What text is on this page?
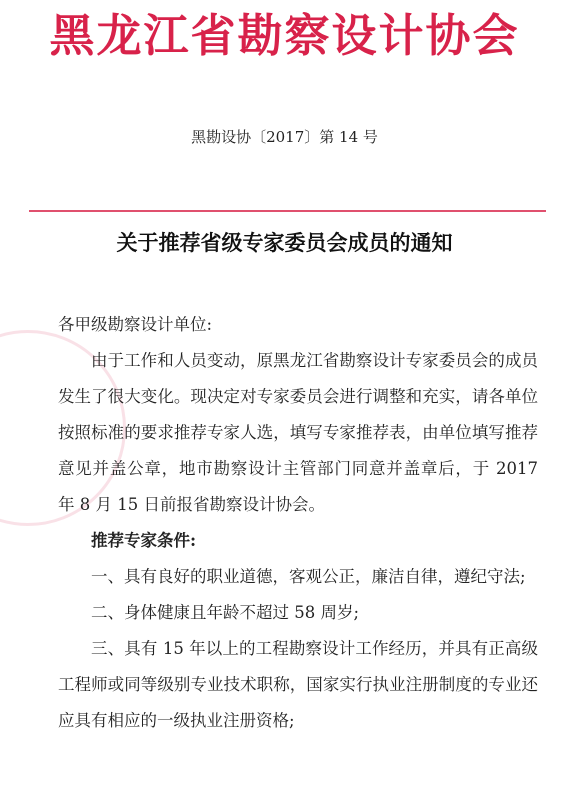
黑龙江省勘察设计协会
黑勘设协〔2017〕第 14 号
关于推荐省级专家委员会成员的通知

各甲级勘察设计单位:

由于工作和人员变动，原黑龙江省勘察设计专家委员会的成员发生了很大变化。现决定对专家委员会进行调整和充实，请各单位按照标准的要求推荐专家人选，填写专家推荐表，由单位填写推荐意见并盖公章，地市勘察设计主管部门同意并盖章后，于 2017 年 8 月 15 日前报省勘察设计协会。

推荐专家条件:

一、具有良好的职业道德，客观公正，廉洁自律，遵纪守法;

二、身体健康且年龄不超过 58 周岁;

三、具有 15 年以上的工程勘察设计工作经历，并具有正高级工程师或同等级别专业技术职称，国家实行执业注册制度的专业还应具有相应的一级执业注册资格;
